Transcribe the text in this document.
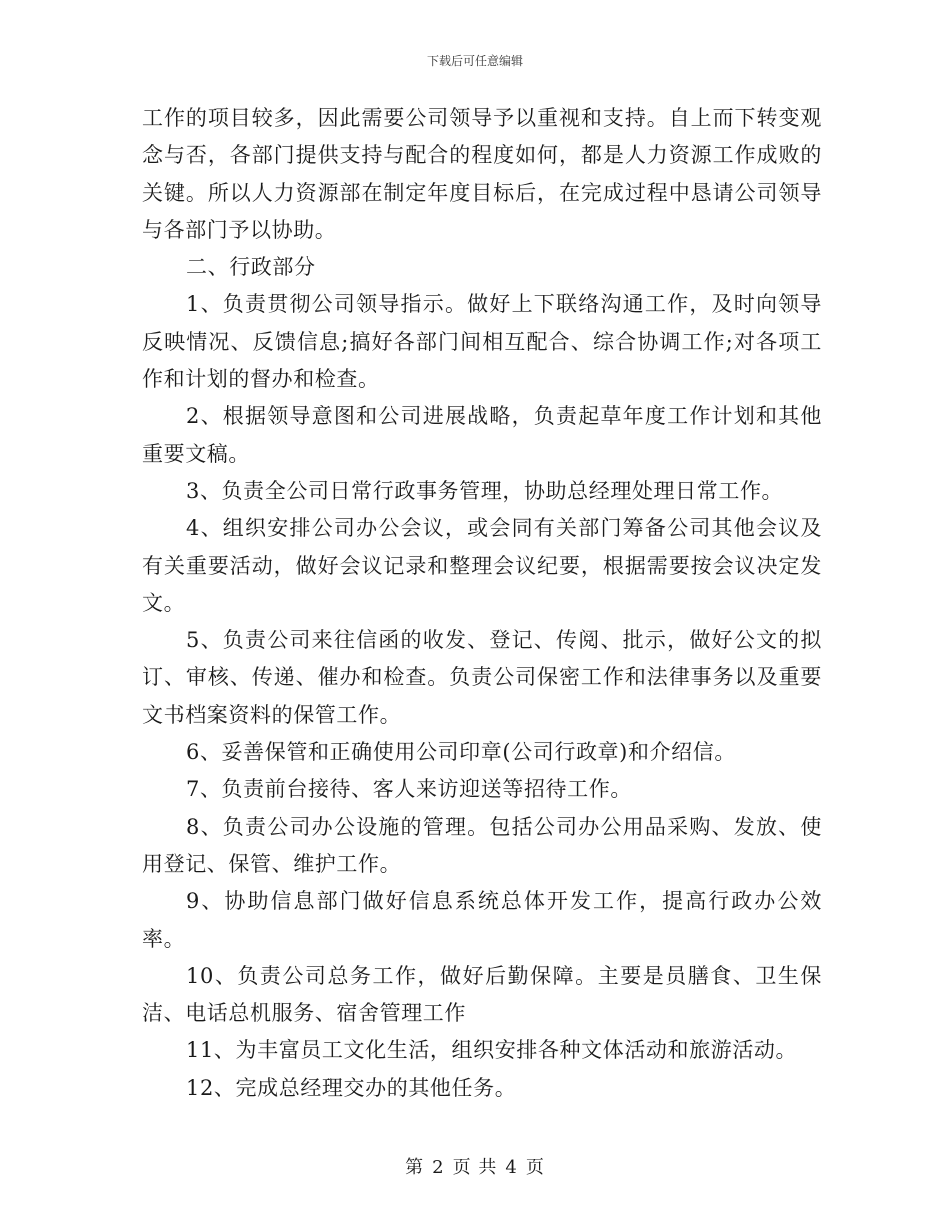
下载后可任意编辑

工作的项目较多，因此需要公司领导予以重视和支持。自上而下转变观念与否，各部门提供支持与配合的程度如何，都是人力资源工作成败的关键。所以人力资源部在制定年度目标后，在完成过程中恳请公司领导与各部门予以协助。

二、行政部分

1、负责贯彻公司领导指示。做好上下联络沟通工作，及时向领导反映情况、反馈信息;搞好各部门间相互配合、综合协调工作;对各项工作和计划的督办和检查。

2、根据领导意图和公司进展战略，负责起草年度工作计划和其他重要文稿。

3、负责全公司日常行政事务管理，协助总经理处理日常工作。

4、组织安排公司办公会议，或会同有关部门筹备公司其他会议及有关重要活动，做好会议记录和整理会议纪要，根据需要按会议决定发文。

5、负责公司来往信函的收发、登记、传阅、批示，做好公文的拟订、审核、传递、催办和检查。负责公司保密工作和法律事务以及重要文书档案资料的保管工作。

6、妥善保管和正确使用公司印章(公司行政章)和介绍信。

7、负责前台接待、客人来访迎送等招待工作。

8、负责公司办公设施的管理。包括公司办公用品采购、发放、使用登记、保管、维护工作。

9、协助信息部门做好信息系统总体开发工作，提高行政办公效率。

10、负责公司总务工作，做好后勤保障。主要是员膳食、卫生保洁、电话总机服务、宿舍管理工作

11、为丰富员工文化生活，组织安排各种文体活动和旅游活动。

12、完成总经理交办的其他任务。

第 2 页 共 4 页
